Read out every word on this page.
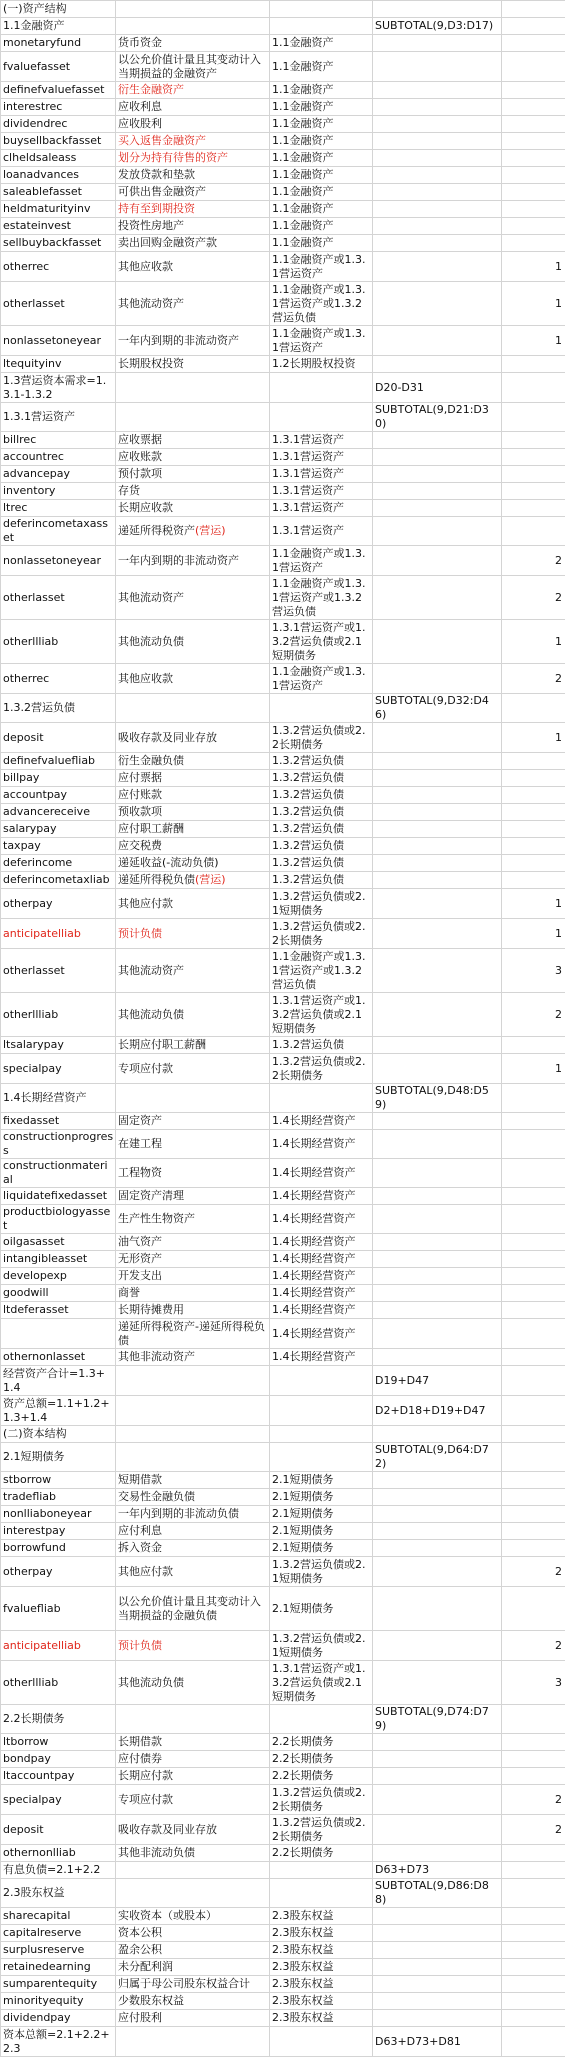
(一)资产结构				
1.1金融资产			SUBTOTAL(9,D3:D17)	
monetaryfund	货币资金	1.1金融资产		
fvaluefasset	以公允价值计量且其变动计入当期损益的金融资产	1.1金融资产		
definefvaluefasset	衍生金融资产	1.1金融资产		
interestrec	应收利息	1.1金融资产		
dividendrec	应收股利	1.1金融资产		
buysellbackfasset	买入返售金融资产	1.1金融资产		
clheldsaleass	划分为持有待售的资产	1.1金融资产		
loanadvances	发放贷款和垫款	1.1金融资产		
saleablefasset	可供出售金融资产	1.1金融资产		
heldmaturityinv	持有至到期投资	1.1金融资产		
estateinvest	投资性房地产	1.1金融资产		
sellbuybackfasset	卖出回购金融资产款	1.1金融资产		
otherrec	其他应收款	1.1金融资产或1.3.1营运资产		1
otherlasset	其他流动资产	1.1金融资产或1.3.1营运资产或1.3.2营运负债		1
nonlassetoneyear	一年内到期的非流动资产	1.1金融资产或1.3.1营运资产		1
ltequityinv	长期股权投资	1.2长期股权投资		
1.3营运资本需求=1.3.1-1.3.2			D20-D31	
1.3.1营运资产			SUBTOTAL(9,D21:D30)	
billrec	应收票据	1.3.1营运资产		
accountrec	应收账款	1.3.1营运资产		
advancepay	预付款项	1.3.1营运资产		
inventory	存货	1.3.1营运资产		
ltrec	长期应收款	1.3.1营运资产		
deferincometaxasset	递延所得税资产(营运)	1.3.1营运资产		
nonlassetoneyear	一年内到期的非流动资产	1.1金融资产或1.3.1营运资产		2
otherlasset	其他流动资产	1.1金融资产或1.3.1营运资产或1.3.2营运负债		2
otherllliab	其他流动负债	1.3.1营运资产或1.3.2营运负债或2.1短期债务		1
otherrec	其他应收款	1.1金融资产或1.3.1营运资产		2
1.3.2营运负债			SUBTOTAL(9,D32:D46)	
deposit	吸收存款及同业存放	1.3.2营运负债或2.2长期债务		1
definefvaluefliab	衍生金融负债	1.3.2营运负债		
billpay	应付票据	1.3.2营运负债		
accountpay	应付账款	1.3.2营运负债		
advancereceive	预收款项	1.3.2营运负债		
salarypay	应付职工薪酬	1.3.2营运负债		
taxpay	应交税费	1.3.2营运负债		
deferincome	递延收益(-流动负债)	1.3.2营运负债		
deferincometaxliab	递延所得税负债(营运)	1.3.2营运负债		
otherpay	其他应付款	1.3.2营运负债或2.1短期债务		1
anticipatelliab	预计负债	1.3.2营运负债或2.2长期债务		1
otherlasset	其他流动资产	1.1金融资产或1.3.1营运资产或1.3.2营运负债		3
otherllliab	其他流动负债	1.3.1营运资产或1.3.2营运负债或2.1短期债务		2
ltsalarypay	长期应付职工薪酬	1.3.2营运负债		
specialpay	专项应付款	1.3.2营运负债或2.2长期债务		1
1.4长期经营资产			SUBTOTAL(9,D48:D59)	
fixedasset	固定资产	1.4长期经营资产		
constructionprogress	在建工程	1.4长期经营资产		
constructionmaterial	工程物资	1.4长期经营资产		
liquidatefixedasset	固定资产清理	1.4长期经营资产		
productbiologyasset	生产性生物资产	1.4长期经营资产		
oilgasasset	油气资产	1.4长期经营资产		
intangibleasset	无形资产	1.4长期经营资产		
developexp	开发支出	1.4长期经营资产		
goodwill	商誉	1.4长期经营资产		
ltdeferasset	长期待摊费用	1.4长期经营资产		
	递延所得税资产-递延所得税负债	1.4长期经营资产		
othernonlasset	其他非流动资产	1.4长期经营资产		
经营资产合计=1.3+1.4			D19+D47	
资产总额=1.1+1.2+1.3+1.4			D2+D18+D19+D47	
(二)资本结构				
2.1短期债务			SUBTOTAL(9,D64:D72)	
stborrow	短期借款	2.1短期债务		
tradefliab	交易性金融负债	2.1短期债务		
nonlliaboneyear	一年内到期的非流动负债	2.1短期债务		
interestpay	应付利息	2.1短期债务		
borrowfund	拆入资金	2.1短期债务		
otherpay	其他应付款	1.3.2营运负债或2.1短期债务		2
fvaluefliab	以公允价值计量且其变动计入当期损益的金融负债	2.1短期债务		
anticipatelliab	预计负债	1.3.2营运负债或2.1短期债务		2
otherllliab	其他流动负债	1.3.1营运资产或1.3.2营运负债或2.1短期债务		3
2.2长期债务			SUBTOTAL(9,D74:D79)	
ltborrow	长期借款	2.2长期债务		
bondpay	应付债券	2.2长期债务		
ltaccountpay	长期应付款	2.2长期债务		
specialpay	专项应付款	1.3.2营运负债或2.2长期债务		2
deposit	吸收存款及同业存放	1.3.2营运负债或2.2长期债务		2
othernonlliab	其他非流动负债	2.2长期债务		
有息负债=2.1+2.2			D63+D73	
2.3股东权益			SUBTOTAL(9,D86:D88)	
sharecapital	实收资本（或股本）	2.3股东权益		
capitalreserve	资本公积	2.3股东权益		
surplusreserve	盈余公积	2.3股东权益		
retainedearning	未分配利润	2.3股东权益		
sumparentequity	归属于母公司股东权益合计	2.3股东权益		
minorityequity	少数股东权益	2.3股东权益		
dividendpay	应付股利	2.3股东权益		
资本总额=2.1+2.2+2.3			D63+D73+D81	
